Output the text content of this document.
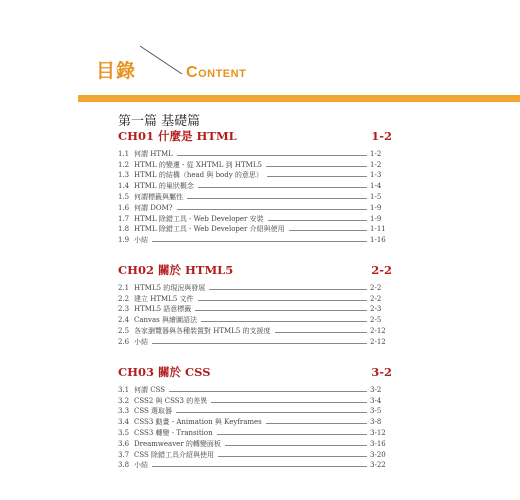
目錄	CONTENT
第一篇 基礎篇
CH01 什麼是 HTML	1-2
1.1 何謂 HTML	1-2
1.2 HTML 的變遷 - 從 XHTML 到 HTML5	1-2
1.3 HTML 的結構（head 與 body 的意思）	1-3
1.4 HTML 的巢狀概念	1-4
1.5 何謂標籤與屬性	1-5
1.6 何謂 DOM?	1-9
1.7 HTML 除錯工具 - Web Developer 安裝	1-9
1.8 HTML 除錯工具 - Web Developer 介紹與使用	1-11
1.9 小結	1-16
CH02 關於 HTML5	2-2
2.1 HTML5 的現況與發展	2-2
2.2 建立 HTML5 文件	2-2
2.3 HTML5 語意標籤	2-3
2.4 Canvas 與繪圖語法	2-5
2.5 各家瀏覽器與各種裝置對 HTML5 的支援度	2-12
2.6 小結	2-12
CH03 關於 CSS	3-2
3.1 何謂 CSS	3-2
3.2 CSS2 與 CSS3 的差異	3-4
3.3 CSS 選取器	3-5
3.4 CSS3 動畫 - Animation 與 Keyframes	3-8
3.5 CSS3 轉變 - Transition	3-12
3.6 Dreamweaver 的轉變面板	3-16
3.7 CSS 除錯工具介紹與使用	3-20
3.8 小結	3-22
